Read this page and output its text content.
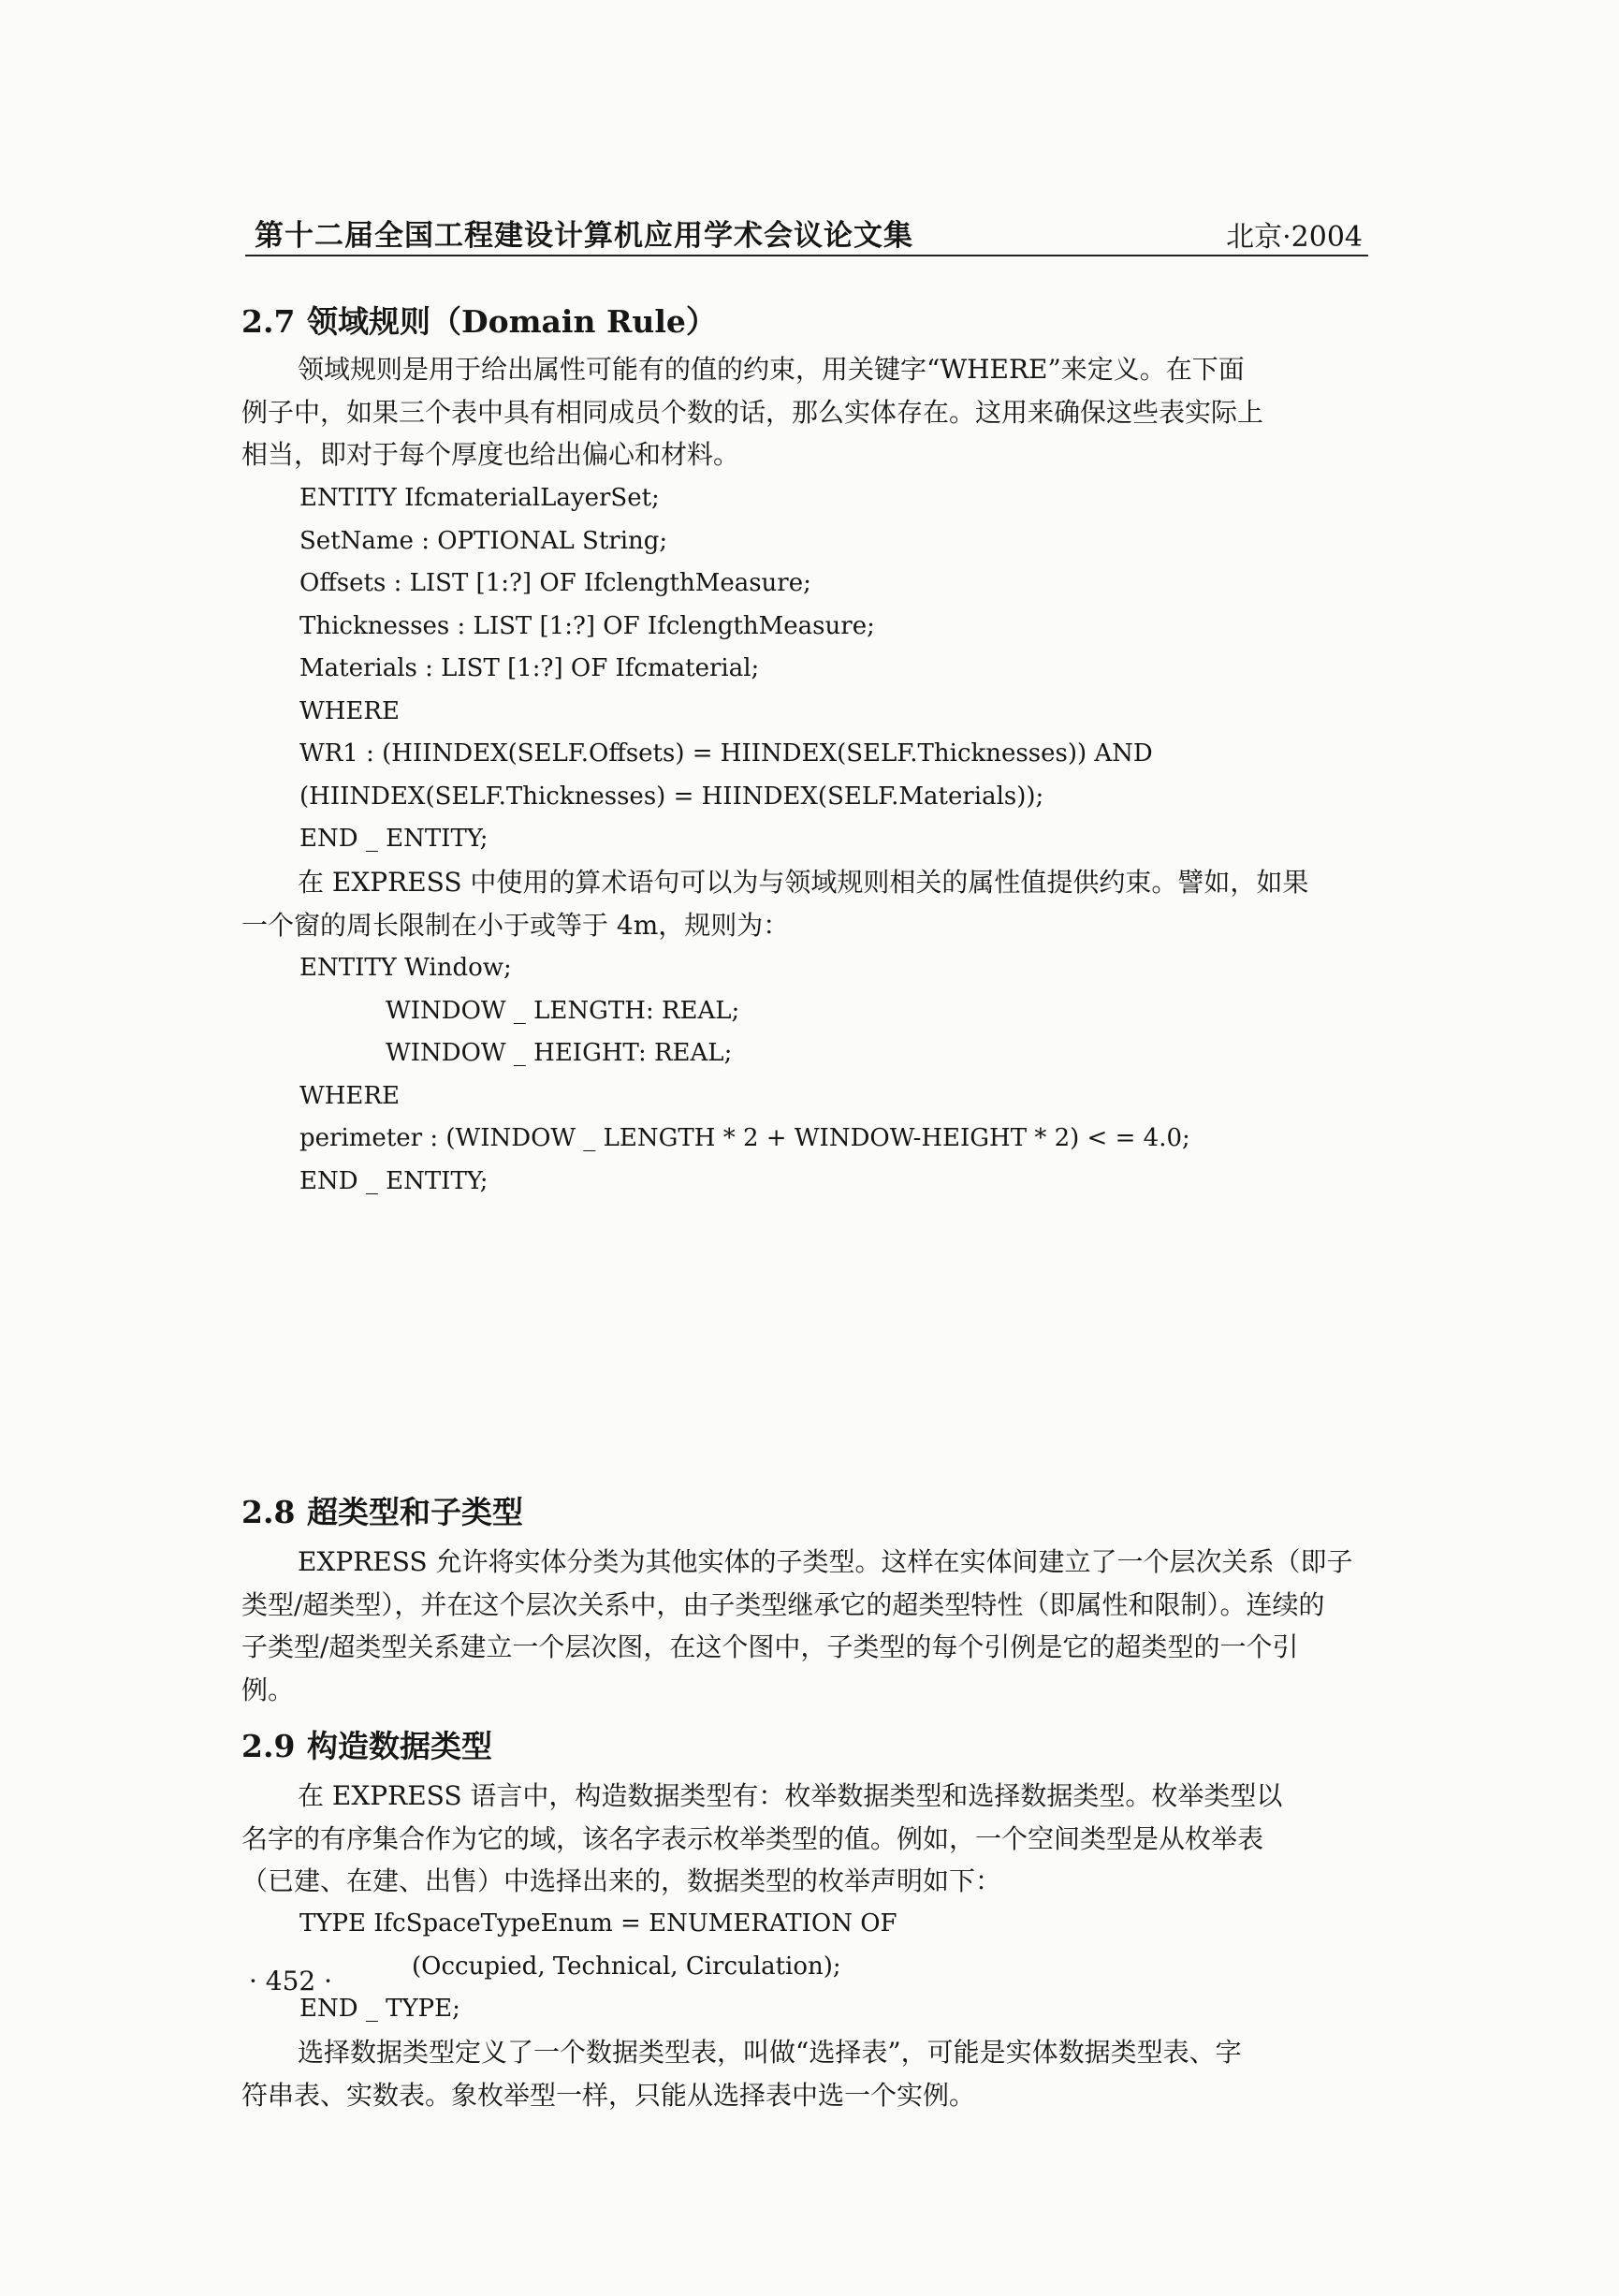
第十二届全国工程建设计算机应用学术会议论文集	北京·2004
2.7 领域规则（Domain Rule）
领域规则是用于给出属性可能有的值的约束，用关键字“WHERE”来定义。在下面
例子中，如果三个表中具有相同成员个数的话，那么实体存在。这用来确保这些表实际上
相当，即对于每个厚度也给出偏心和材料。
ENTITY IfcmaterialLayerSet;
SetName : OPTIONAL String;
Offsets : LIST [1:?] OF IfclengthMeasure;
Thicknesses : LIST [1:?] OF IfclengthMeasure;
Materials : LIST [1:?] OF Ifcmaterial;
WHERE
WR1 : (HIINDEX(SELF.Offsets) = HIINDEX(SELF.Thicknesses)) AND
(HIINDEX(SELF.Thicknesses) = HIINDEX(SELF.Materials));
END _ ENTITY;
在 EXPRESS 中使用的算术语句可以为与领域规则相关的属性值提供约束。譬如，如果
一个窗的周长限制在小于或等于 4m，规则为：
ENTITY Window;
WINDOW _ LENGTH: REAL;
WINDOW _ HEIGHT: REAL;
WHERE
perimeter : (WINDOW _ LENGTH * 2 + WINDOW-HEIGHT * 2) < = 4.0;
END _ ENTITY;
2.8 超类型和子类型
EXPRESS 允许将实体分类为其他实体的子类型。这样在实体间建立了一个层次关系（即子
类型/超类型），并在这个层次关系中，由子类型继承它的超类型特性（即属性和限制）。连续的
子类型/超类型关系建立一个层次图，在这个图中，子类型的每个引例是它的超类型的一个引
例。
2.9 构造数据类型
在 EXPRESS 语言中，构造数据类型有：枚举数据类型和选择数据类型。枚举类型以
名字的有序集合作为它的域，该名字表示枚举类型的值。例如，一个空间类型是从枚举表
（已建、在建、出售）中选择出来的，数据类型的枚举声明如下：
TYPE IfcSpaceTypeEnum = ENUMERATION OF
(Occupied, Technical, Circulation);
END _ TYPE;
选择数据类型定义了一个数据类型表，叫做“选择表”，可能是实体数据类型表、字
符串表、实数表。象枚举型一样，只能从选择表中选一个实例。
· 452 ·
